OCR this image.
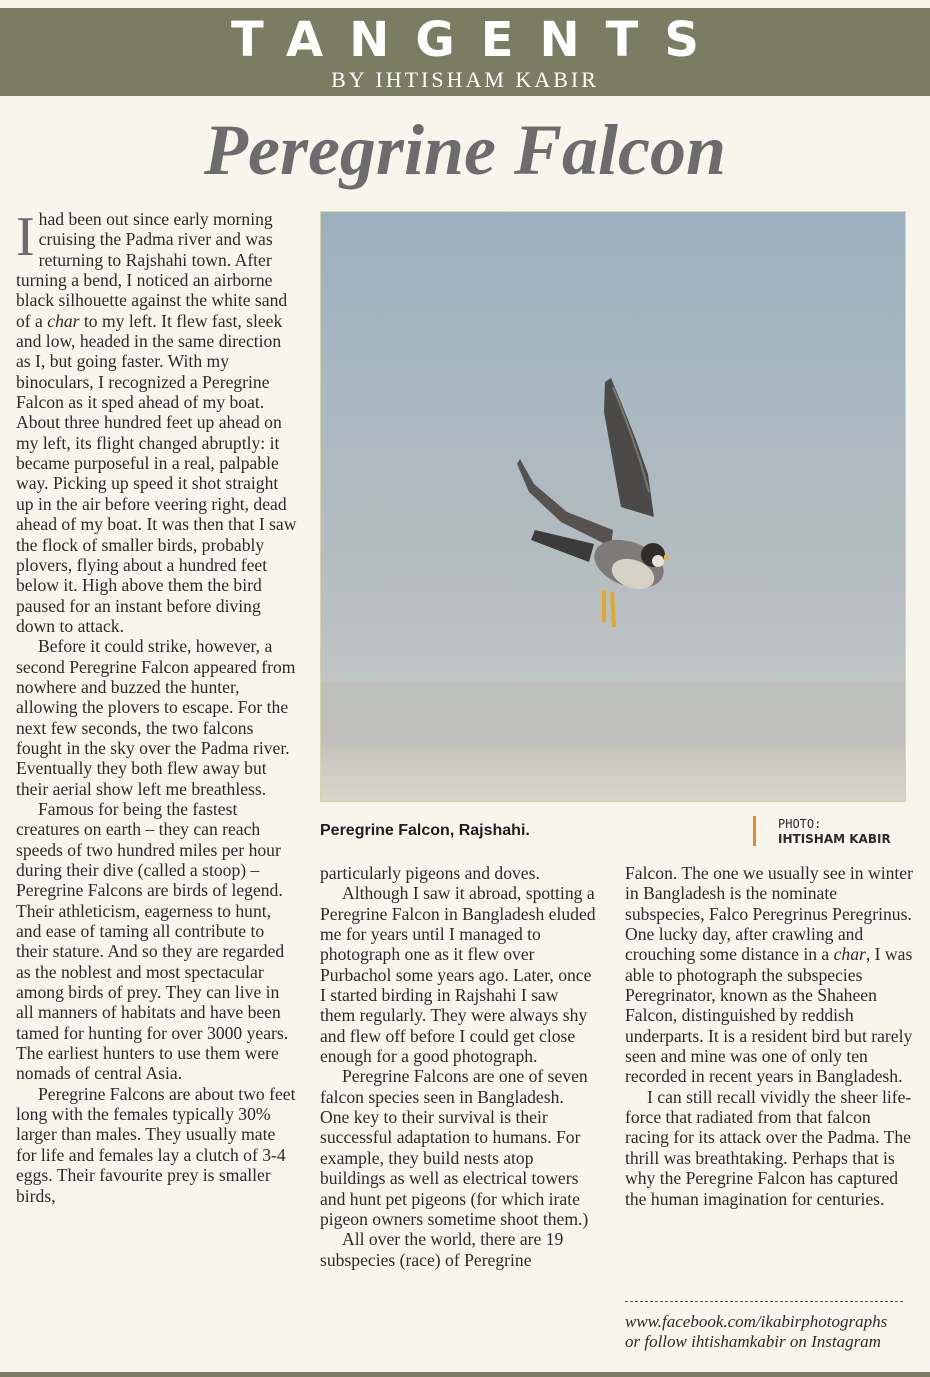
TANGENTS
BY IHTISHAM KABIR
Peregrine Falcon

Ihad been out since early morning cruising the Padma river and was returning to Rajshahi town. After turning a bend, I noticed an airborne black silhouette against the white sand of a char to my left. It flew fast, sleek and low, headed in the same direction as I, but going faster. With my binoculars, I recognized a Peregrine Falcon as it sped ahead of my boat. About three hundred feet up ahead on my left, its flight changed abruptly: it became purposeful in a real, palpable way. Picking up speed it shot straight up in the air before veering right, dead ahead of my boat. It was then that I saw the flock of smaller birds, probably plovers, flying about a hundred feet below it. High above them the bird paused for an instant before diving down to attack.

Before it could strike, however, a second Peregrine Falcon appeared from nowhere and buzzed the hunter, allowing the plovers to escape. For the next few seconds, the two falcons fought in the sky over the Padma river. Eventually they both flew away but their aerial show left me breathless.

Famous for being the fastest creatures on earth – they can reach speeds of two hundred miles per hour during their dive (called a stoop) – Peregrine Falcons are birds of legend. Their athleticism, eagerness to hunt, and ease of taming all contribute to their stature. And so they are regarded as the noblest and most spectacular among birds of prey. They can live in all manners of habitats and have been tamed for hunting for over 3000 years. The earliest hunters to use them were nomads of central Asia.

Peregrine Falcons are about two feet long with the females typically 30% larger than males. They usually mate for life and females lay a clutch of 3-4 eggs. Their favourite prey is smaller birds,

Peregrine Falcon, Rajshahi.	PHOTO:
IHTISHAM KABIR

particularly pigeons and doves.

Although I saw it abroad, spotting a Peregrine Falcon in Bangladesh eluded me for years until I managed to photograph one as it flew over Purbachol some years ago. Later, once I started birding in Rajshahi I saw them regularly. They were always shy and flew off before I could get close enough for a good photograph.

Peregrine Falcons are one of seven falcon species seen in Bangladesh. One key to their survival is their successful adaptation to humans. For example, they build nests atop buildings as well as electrical towers and hunt pet pigeons (for which irate pigeon owners sometime shoot them.)

All over the world, there are 19 subspecies (race) of Peregrine

Falcon. The one we usually see in winter in Bangladesh is the nominate subspecies, Falco Peregrinus Peregrinus. One lucky day, after crawling and crouching some distance in a char, I was able to photograph the subspecies Peregrinator, known as the Shaheen Falcon, distinguished by reddish underparts. It is a resident bird but rarely seen and mine was one of only ten recorded in recent years in Bangladesh.

I can still recall vividly the sheer life-force that radiated from that falcon racing for its attack over the Padma. The thrill was breathtaking. Perhaps that is why the Peregrine Falcon has captured the human imagination for centuries.

www.facebook.com/ikabirphotographs
or follow ihtishamkabir on Instagram
